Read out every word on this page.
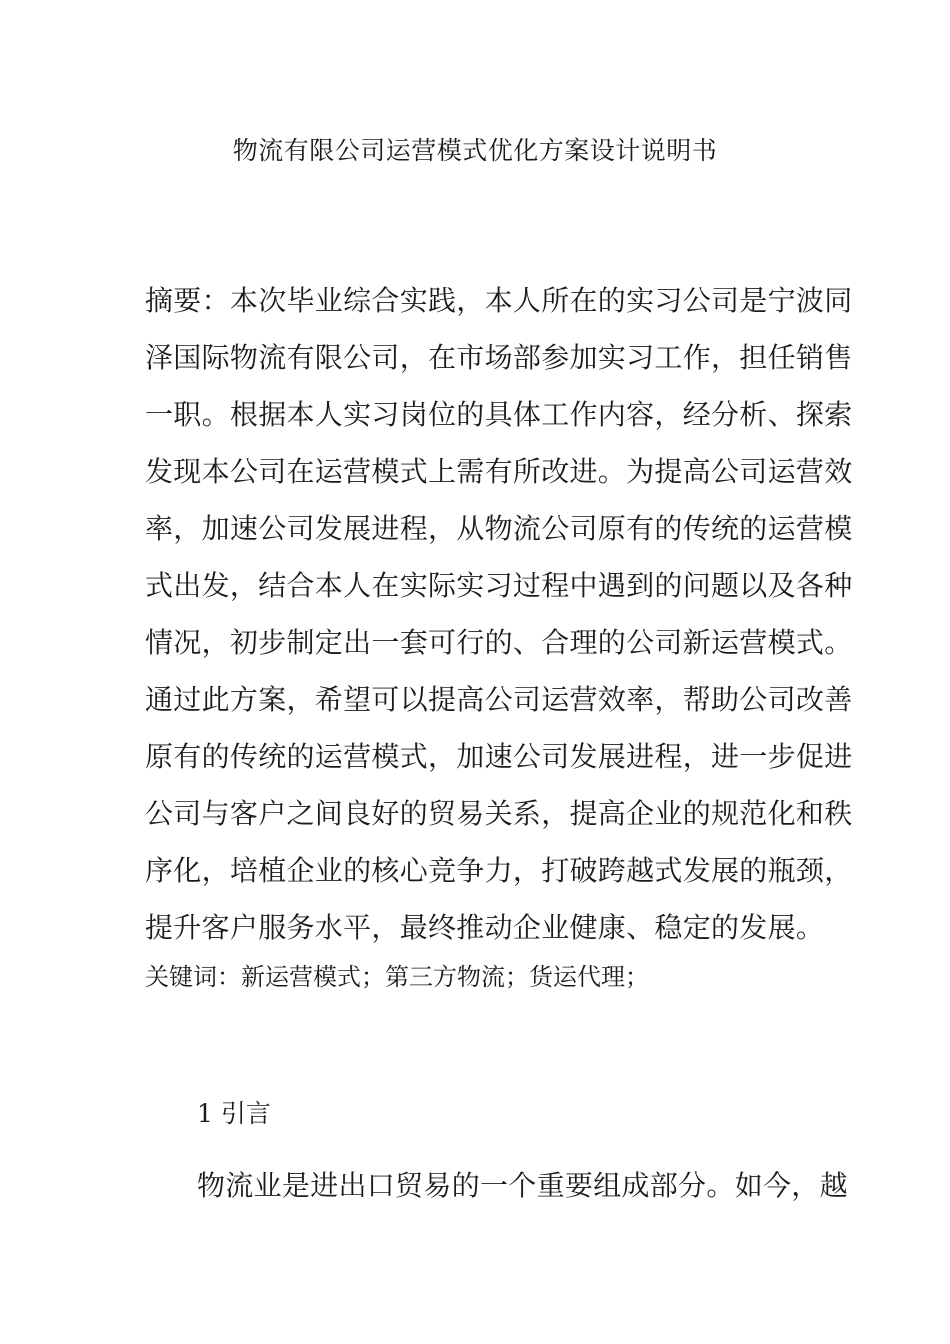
物流有限公司运营模式优化方案设计说明书
摘要：本次毕业综合实践，本人所在的实习公司是宁波同
泽国际物流有限公司，在市场部参加实习工作，担任销售
一职。根据本人实习岗位的具体工作内容，经分析、探索
发现本公司在运营模式上需有所改进。为提高公司运营效
率，加速公司发展进程，从物流公司原有的传统的运营模
式出发，结合本人在实际实习过程中遇到的问题以及各种
情况，初步制定出一套可行的、合理的公司新运营模式。
通过此方案，希望可以提高公司运营效率，帮助公司改善
原有的传统的运营模式，加速公司发展进程，进一步促进
公司与客户之间良好的贸易关系，提高企业的规范化和秩
序化，培植企业的核心竞争力，打破跨越式发展的瓶颈，
提升客户服务水平，最终推动企业健康、稳定的发展。
关键词：新运营模式；第三方物流；货运代理；
1 引言
物流业是进出口贸易的一个重要组成部分。如今，越
